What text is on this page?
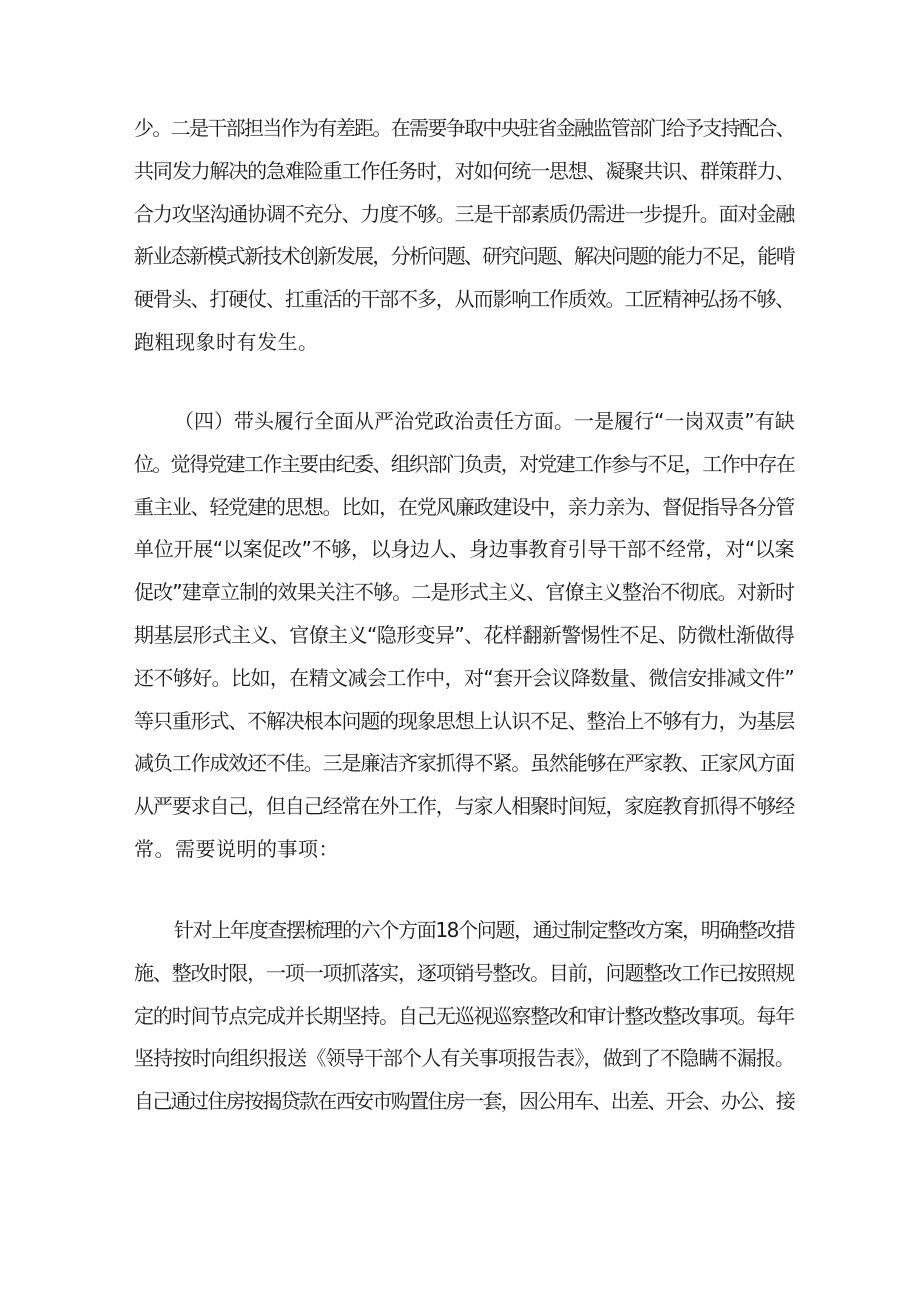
少。二是干部担当作为有差距。在需要争取中央驻省金融监管部门给予支持配合、
共同发力解决的急难险重工作任务时，对如何统一思想、凝聚共识、群策群力、
合力攻坚沟通协调不充分、力度不够。三是干部素质仍需进一步提升。面对金融
新业态新模式新技术创新发展，分析问题、研究问题、解决问题的能力不足，能啃
硬骨头、打硬仗、扛重活的干部不多，从而影响工作质效。工匠精神弘扬不够、
跑粗现象时有发生。
（四）带头履行全面从严治党政治责任方面。一是履行“一岗双责”有缺
位。觉得党建工作主要由纪委、组织部门负责，对党建工作参与不足，工作中存在
重主业、轻党建的思想。比如，在党风廉政建设中，亲力亲为、督促指导各分管
单位开展“以案促改”不够，以身边人、身边事教育引导干部不经常，对“以案
促改”建章立制的效果关注不够。二是形式主义、官僚主义整治不彻底。对新时
期基层形式主义、官僚主义“隐形变异”、花样翻新警惕性不足、防微杜渐做得
还不够好。比如，在精文减会工作中，对“套开会议降数量、微信安排减文件”
等只重形式、不解决根本问题的现象思想上认识不足、整治上不够有力，为基层
减负工作成效还不佳。三是廉洁齐家抓得不紧。虽然能够在严家教、正家风方面
从严要求自己，但自己经常在外工作，与家人相聚时间短，家庭教育抓得不够经
常。需要说明的事项：
针对上年度查摆梳理的六个方面18个问题，通过制定整改方案，明确整改措
施、整改时限，一项一项抓落实，逐项销号整改。目前，问题整改工作已按照规
定的时间节点完成并长期坚持。自己无巡视巡察整改和审计整改整改事项。每年
坚持按时向组织报送《领导干部个人有关事项报告表》，做到了不隐瞒不漏报。
自己通过住房按揭贷款在西安市购置住房一套，因公用车、出差、开会、办公、接
